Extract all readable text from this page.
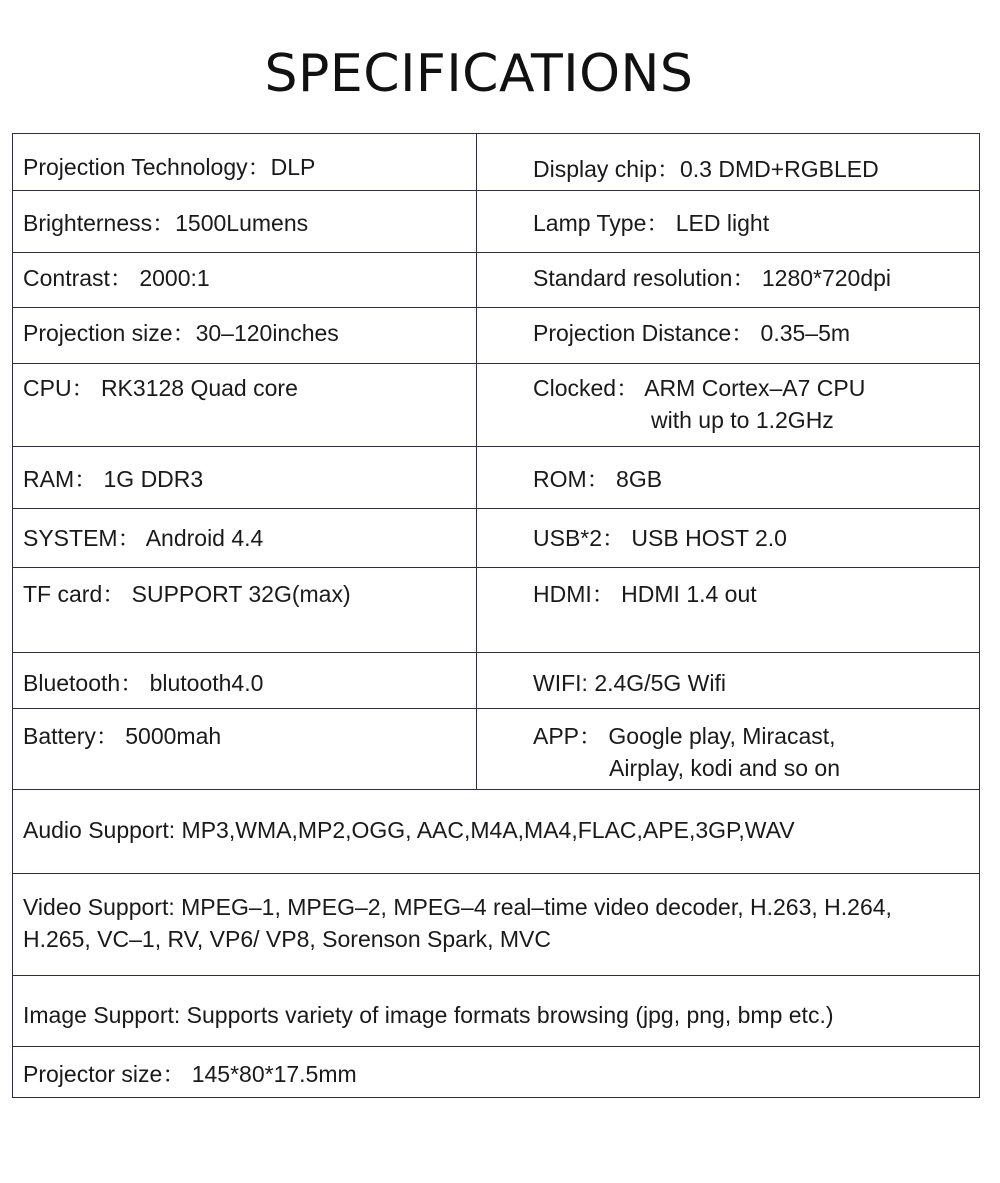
SPECIFICATIONS
Projection Technology：DLP	Display chip：0.3 DMD+RGBLED
Brighterness：1500Lumens	Lamp Type： LED light
Contrast： 2000:1	Standard resolution： 1280*720dpi
Projection size：30–120inches	Projection Distance： 0.35–5m
CPU： RK3128 Quad core	Clocked： ARM Cortex–A7 CPU
with up to 1.2GHz
RAM： 1G DDR3	ROM： 8GB
SYSTEM： Android 4.4	USB*2： USB HOST 2.0
TF card： SUPPORT 32G(max)	HDMI： HDMI 1.4 out
Bluetooth： blutooth4.0	WIFI: 2.4G/5G Wifi
Battery： 5000mah	APP： Google play, Miracast,
Airplay, kodi and so on
Audio Support: MP3,WMA,MP2,OGG, AAC,M4A,MA4,FLAC,APE,3GP,WAV
Video Support: MPEG–1, MPEG–2, MPEG–4 real–time video decoder, H.263, H.264,
H.265, VC–1, RV, VP6/ VP8, Sorenson Spark, MVC
Image Support: Supports variety of image formats browsing (jpg, png, bmp etc.)
Projector size： 145*80*17.5mm
